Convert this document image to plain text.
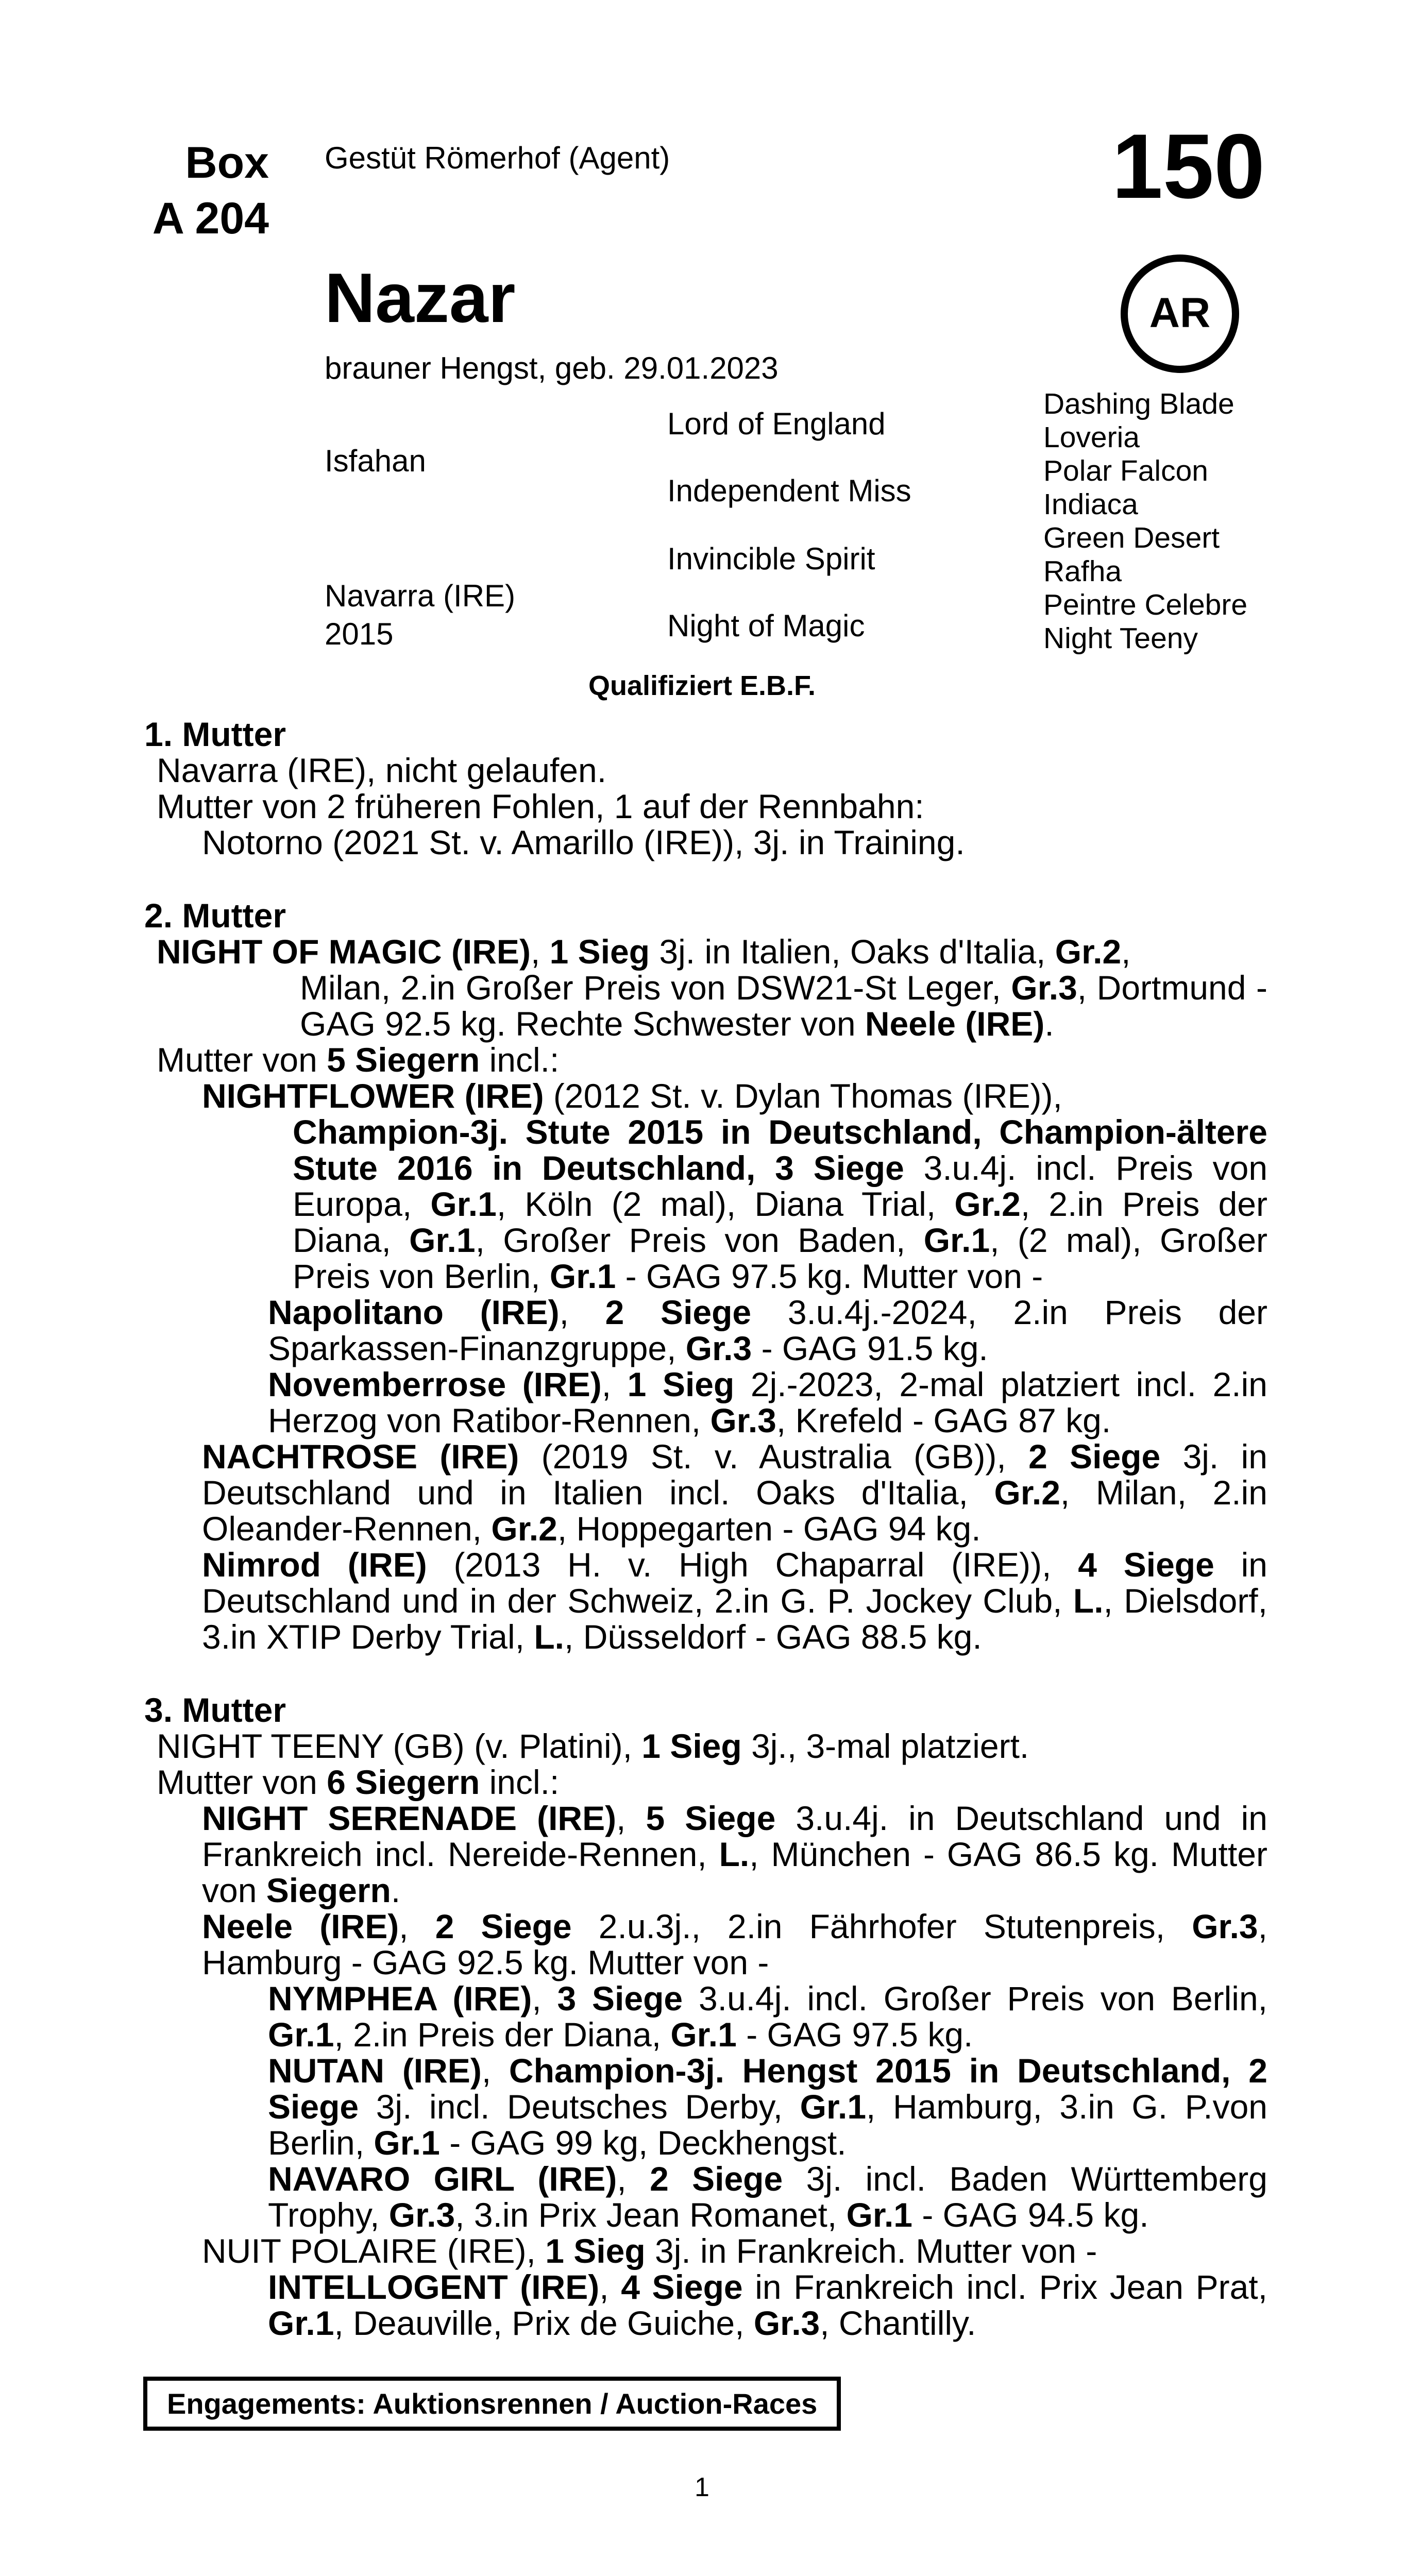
Box
A 204
Gestüt Römerhof (Agent)	150
AR
Nazar
brauner Hengst, geb. 29.01.2023
Isfahan
Navarra (IRE)
2015
Lord of England
Independent Miss
Invincible Spirit
Night of Magic
Dashing Blade
Loveria
Polar Falcon
Indiaca
Green Desert
Rafha
Peintre Celebre
Night Teeny
Qualifiziert E.B.F.

1. Mutter

Navarra (IRE), nicht gelaufen.

Mutter von 2 früheren Fohlen, 1 auf der Rennbahn:

Notorno (2021 St. v. Amarillo (IRE)), 3j. in Training.

2. Mutter

NIGHT OF MAGIC (IRE), 1 Sieg 3j. in Italien, Oaks d'Italia, Gr.2,

Milan, 2.in Großer Preis von DSW21-St Leger, Gr.3, Dortmund - GAG 92.5 kg. Rechte Schwester von Neele (IRE).

Mutter von 5 Siegern incl.:

NIGHTFLOWER (IRE) (2012 St. v. Dylan Thomas (IRE)),

Champion-3j. Stute 2015 in Deutschland, Champion-ältere Stute 2016 in Deutschland, 3 Siege 3.u.4j. incl. Preis von Europa, Gr.1, Köln (2 mal), Diana Trial, Gr.2, 2.in Preis der Diana, Gr.1, Großer Preis von Baden, Gr.1, (2 mal), Großer Preis von Berlin, Gr.1 - GAG 97.5 kg. Mutter von -

Napolitano (IRE), 2 Siege 3.u.4j.-2024, 2.in Preis der Sparkassen-Finanzgruppe, Gr.3 - GAG 91.5 kg.

Novemberrose (IRE), 1 Sieg 2j.-2023, 2-mal platziert incl. 2.in Herzog von Ratibor-Rennen, Gr.3, Krefeld - GAG 87 kg.

NACHTROSE (IRE) (2019 St. v. Australia (GB)), 2 Siege 3j. in Deutschland und in Italien incl. Oaks d'Italia, Gr.2, Milan, 2.in Oleander-Rennen, Gr.2, Hoppegarten - GAG 94 kg.

Nimrod (IRE) (2013 H. v. High Chaparral (IRE)), 4 Siege in Deutschland und in der Schweiz, 2.in G. P. Jockey Club, L., Dielsdorf, 3.in XTIP Derby Trial, L., Düsseldorf - GAG 88.5 kg.

3. Mutter

NIGHT TEENY (GB) (v. Platini), 1 Sieg 3j., 3-mal platziert.

Mutter von 6 Siegern incl.:

NIGHT SERENADE (IRE), 5 Siege 3.u.4j. in Deutschland und in Frankreich incl. Nereide-Rennen, L., München - GAG 86.5 kg. Mutter von Siegern.

Neele (IRE), 2 Siege 2.u.3j., 2.in Fährhofer Stutenpreis, Gr.3, Hamburg - GAG 92.5 kg. Mutter von -

NYMPHEA (IRE), 3 Siege 3.u.4j. incl. Großer Preis von Berlin, Gr.1, 2.in Preis der Diana, Gr.1 - GAG 97.5 kg.

NUTAN (IRE), Champion-3j. Hengst 2015 in Deutschland, 2 Siege 3j. incl. Deutsches Derby, Gr.1, Hamburg, 3.in G. P.von Berlin, Gr.1 - GAG 99 kg, Deckhengst.

NAVARO GIRL (IRE), 2 Siege 3j. incl. Baden Württemberg Trophy, Gr.3, 3.in Prix Jean Romanet, Gr.1 - GAG 94.5 kg.

NUIT POLAIRE (IRE), 1 Sieg 3j. in Frankreich. Mutter von -

INTELLOGENT (IRE), 4 Siege in Frankreich incl. Prix Jean Prat, Gr.1, Deauville, Prix de Guiche, Gr.3, Chantilly.

Engagements: Auktionsrennen / Auction-Races
1
